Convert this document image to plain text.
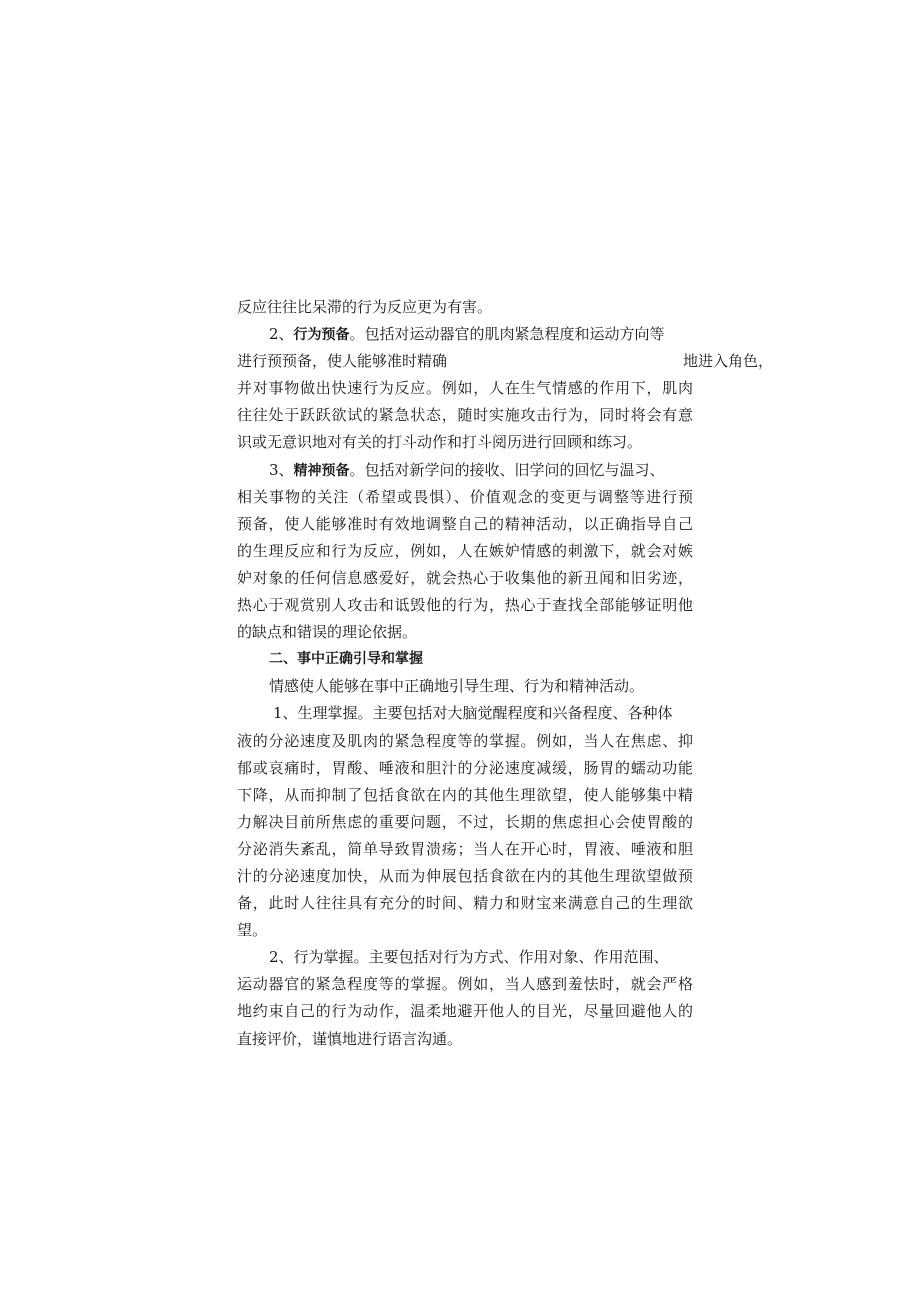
反应往往比呆滞的行为反应更为有害。
2、行为预备。包括对运动器官的肌肉紧急程度和运动方向等
进行预预备，使人能够准时精确	地进入角色，
并对事物做出快速行为反应。例如，人在生气情感的作用下，肌肉
往往处于跃跃欲试的紧急状态，随时实施攻击行为，同时将会有意
识或无意识地对有关的打斗动作和打斗阅历进行回顾和练习。
3、精神预备。包括对新学问的接收、旧学问的回忆与温习、
相关事物的关注（希望或畏惧）、价值观念的变更与调整等进行预
预备，使人能够准时有效地调整自己的精神活动，以正确指导自己
的生理反应和行为反应，例如，人在嫉妒情感的刺激下，就会对嫉
妒对象的任何信息感爱好，就会热心于收集他的新丑闻和旧劣迹，
热心于观赏别人攻击和诋毁他的行为，热心于查找全部能够证明他
的缺点和错误的理论依据。
二、事中正确引导和掌握
情感使人能够在事中正确地引导生理、行为和精神活动。
1、生理掌握。主要包括对大脑觉醒程度和兴备程度、各种体
液的分泌速度及肌肉的紧急程度等的掌握。例如，当人在焦虑、抑
郁或哀痛时，胃酸、唾液和胆汁的分泌速度减缓，肠胃的蠕动功能
下降，从而抑制了包括食欲在内的其他生理欲望，使人能够集中精
力解决目前所焦虑的重要问题，不过，长期的焦虑担心会使胃酸的
分泌消失紊乱，简单导致胃溃疡；当人在开心时，胃液、唾液和胆
汁的分泌速度加快，从而为伸展包括食欲在内的其他生理欲望做预
备，此时人往往具有充分的时间、精力和财宝来满意自己的生理欲
望。
2、行为掌握。主要包括对行为方式、作用对象、作用范围、
运动器官的紧急程度等的掌握。例如，当人感到羞怯时，就会严格
地约束自己的行为动作，温柔地避开他人的目光，尽量回避他人的
直接评价，谨慎地进行语言沟通。
